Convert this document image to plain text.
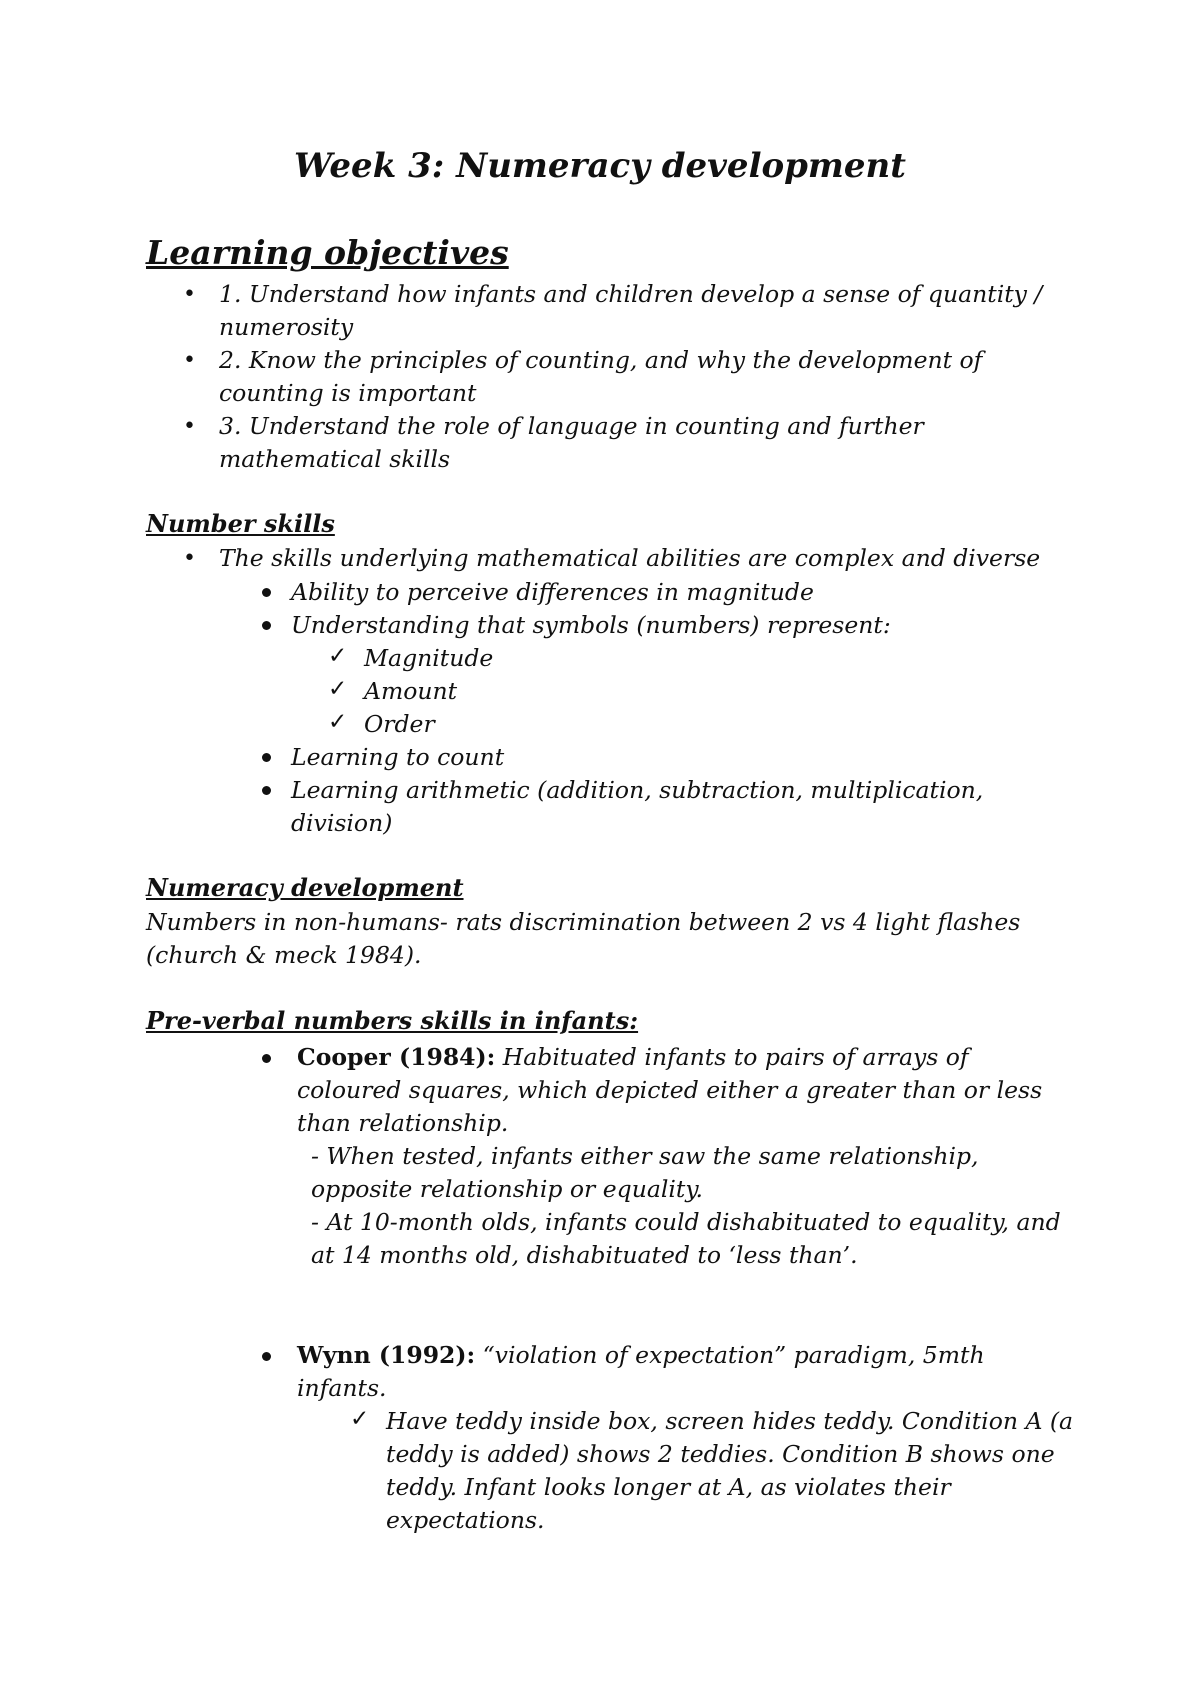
Week 3: Numeracy development
Learning objectives
• 1. Understand how infants and children develop a sense of quantity /
numerosity
• 2. Know the principles of counting, and why the development of
counting is important
• 3. Understand the role of language in counting and further
mathematical skills
Number skills
• The skills underlying mathematical abilities are complex and diverse
Ability to perceive differences in magnitude
Understanding that symbols (numbers) represent:
✓ Magnitude
✓ Amount
✓ Order
Learning to count
Learning arithmetic (addition, subtraction, multiplication,
division)
Numeracy development
Numbers in non-humans- rats discrimination between 2 vs 4 light flashes
(church & meck 1984).
Pre-verbal numbers skills in infants:
Cooper (1984): Habituated infants to pairs of arrays of
coloured squares, which depicted either a greater than or less
than relationship.
- When tested, infants either saw the same relationship,
opposite relationship or equality.
- At 10-month olds, infants could dishabituated to equality, and
at 14 months old, dishabituated to ‘less than’.
Wynn (1992): “violation of expectation” paradigm, 5mth
infants.
✓ Have teddy inside box, screen hides teddy. Condition A (a
teddy is added) shows 2 teddies. Condition B shows one
teddy. Infant looks longer at A, as violates their
expectations.
